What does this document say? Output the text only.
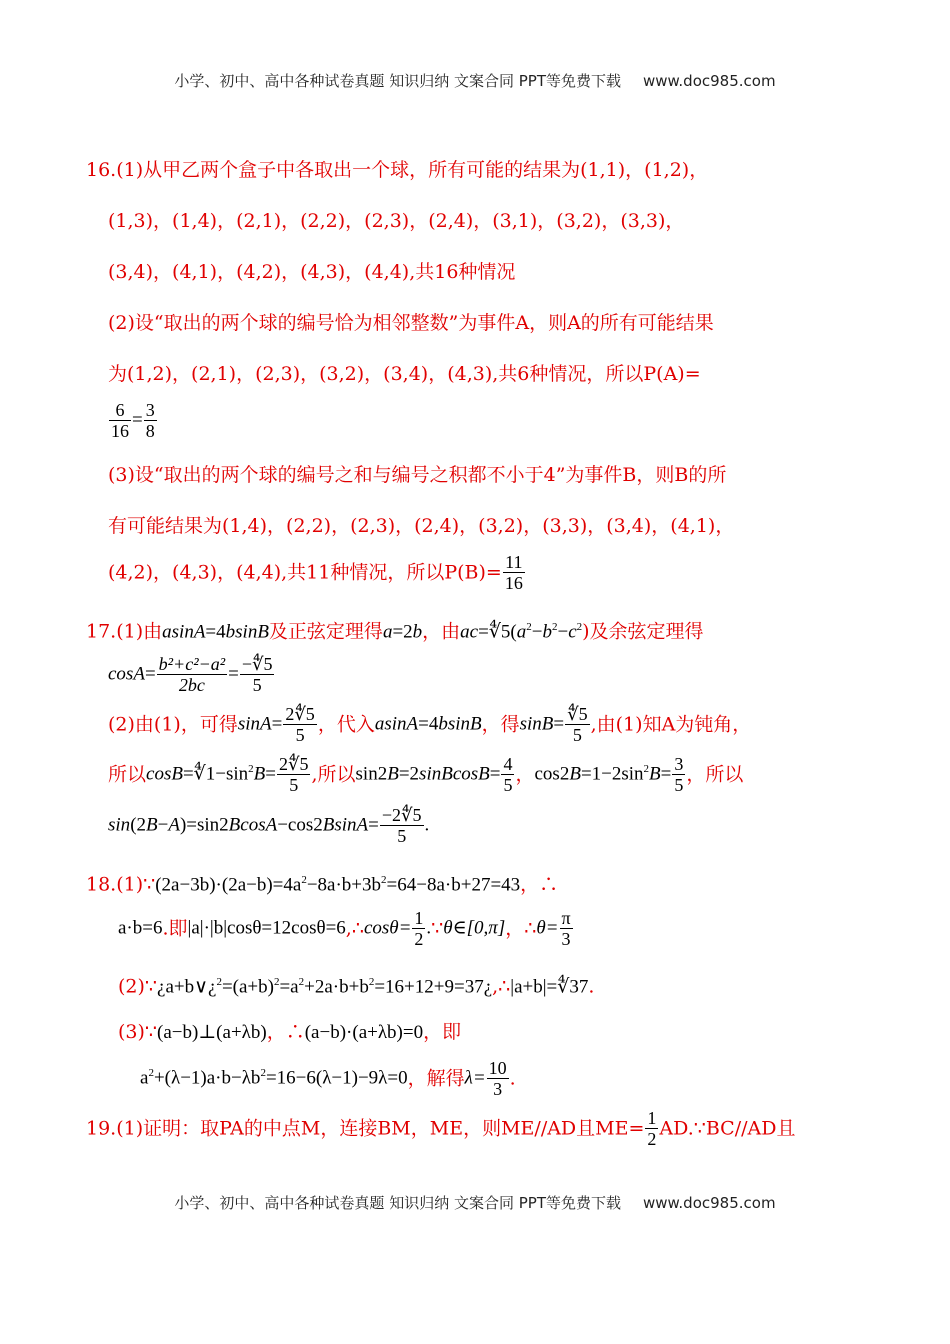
小学、初中、高中各种试卷真题 知识归纳 文案合同 PPT等免费下载 www.doc985.com
16.(1)从甲乙两个盒子中各取出一个球，所有可能的结果为(1,1)，(1,2)，
(1,3)，(1,4)，(2,1)，(2,2)，(2,3)，(2,4)，(3,1)，(3,2)，(3,3)，
(3,4)，(4,1)，(4,2)，(4,3)，(4,4),共16种情况
(2)设“取出的两个球的编号恰为相邻整数”为事件A，则A的所有可能结果
为(1,2)，(2,1)，(2,3)，(3,2)，(3,4)，(4,3),共6种情况，所以P(A)=
$\frac{6}{16} = \frac{3}{8}$
(3)设“取出的两个球的编号之和与编号之积都不小于4”为事件B，则B的所
有可能结果为(1,4)，(2,2)，(2,3)，(2,4)，(3,2)，(3,3)，(3,4)，(4,1)，
(4,2)，(4,3)，(4,4),共11种情况，所以$P(B)= \frac{11}{16}$
17.(1)由asinA=4bsinB及正弦定理得a=2b，由$ac=∜5(a^2-b^2-c^2)$及余弦定理得
$\cos A= \frac{\text{b²+c²−a²}}{2bc} = \frac{-∜5}{5}$
(2)由(1)，可得$\sin A= \frac{2∜5}{5}$ ，代入asinA=4bsinB，得$\sin B= \frac{∜5}{5}$ ,由(1)知A为钝角，
所以$\cos B=∜1-\sin^2B= \frac{2∜5}{5}$ ,所以sin2B=2sinBcosB= $\frac{4}{5}$ ，$\cos 2B=1-2\sin^2B= \frac{3}{5}$ ，所以
$\sin(2B-A)=\sin 2BcosA-\cos 2BsinA= \frac{-2∜5}{5}$ .
$18.(1)\because(2a-3b)\cdot(2a-b)=4a^2-8a\cdot b+3b^2=64-8a\cdot b+27=43$，∴
a·b=6.即|a|·|b|cosθ=12cosθ=6,∴cosθ= $\frac{1}{2}$ .∵θ∈[0,π]，∴θ= $\frac{\pi}{3}$
$(2)\because¿a+b\vee¿^2=(a+b)^2=a^2+2a\cdot b+b^2=16+12+9=37¿,\therefore|a+b|=∜37$.
(3)∵(a−b)⊥(a+λb)，∴(a−b)·(a+λb)=0，即
$a^2+(\lambda-1)a\cdot b-\lambda b^2=16-6(\lambda-1)-9\lambda=0$，解得$\lambda= \frac{10}{3}$ .
19.(1)证明：取PA的中点M，连接BM，ME，则ME//AD且$ME= \frac{1}{2}$ AD.∵BC//AD且
小学、初中、高中各种试卷真题 知识归纳 文案合同 PPT等免费下载 www.doc985.com
